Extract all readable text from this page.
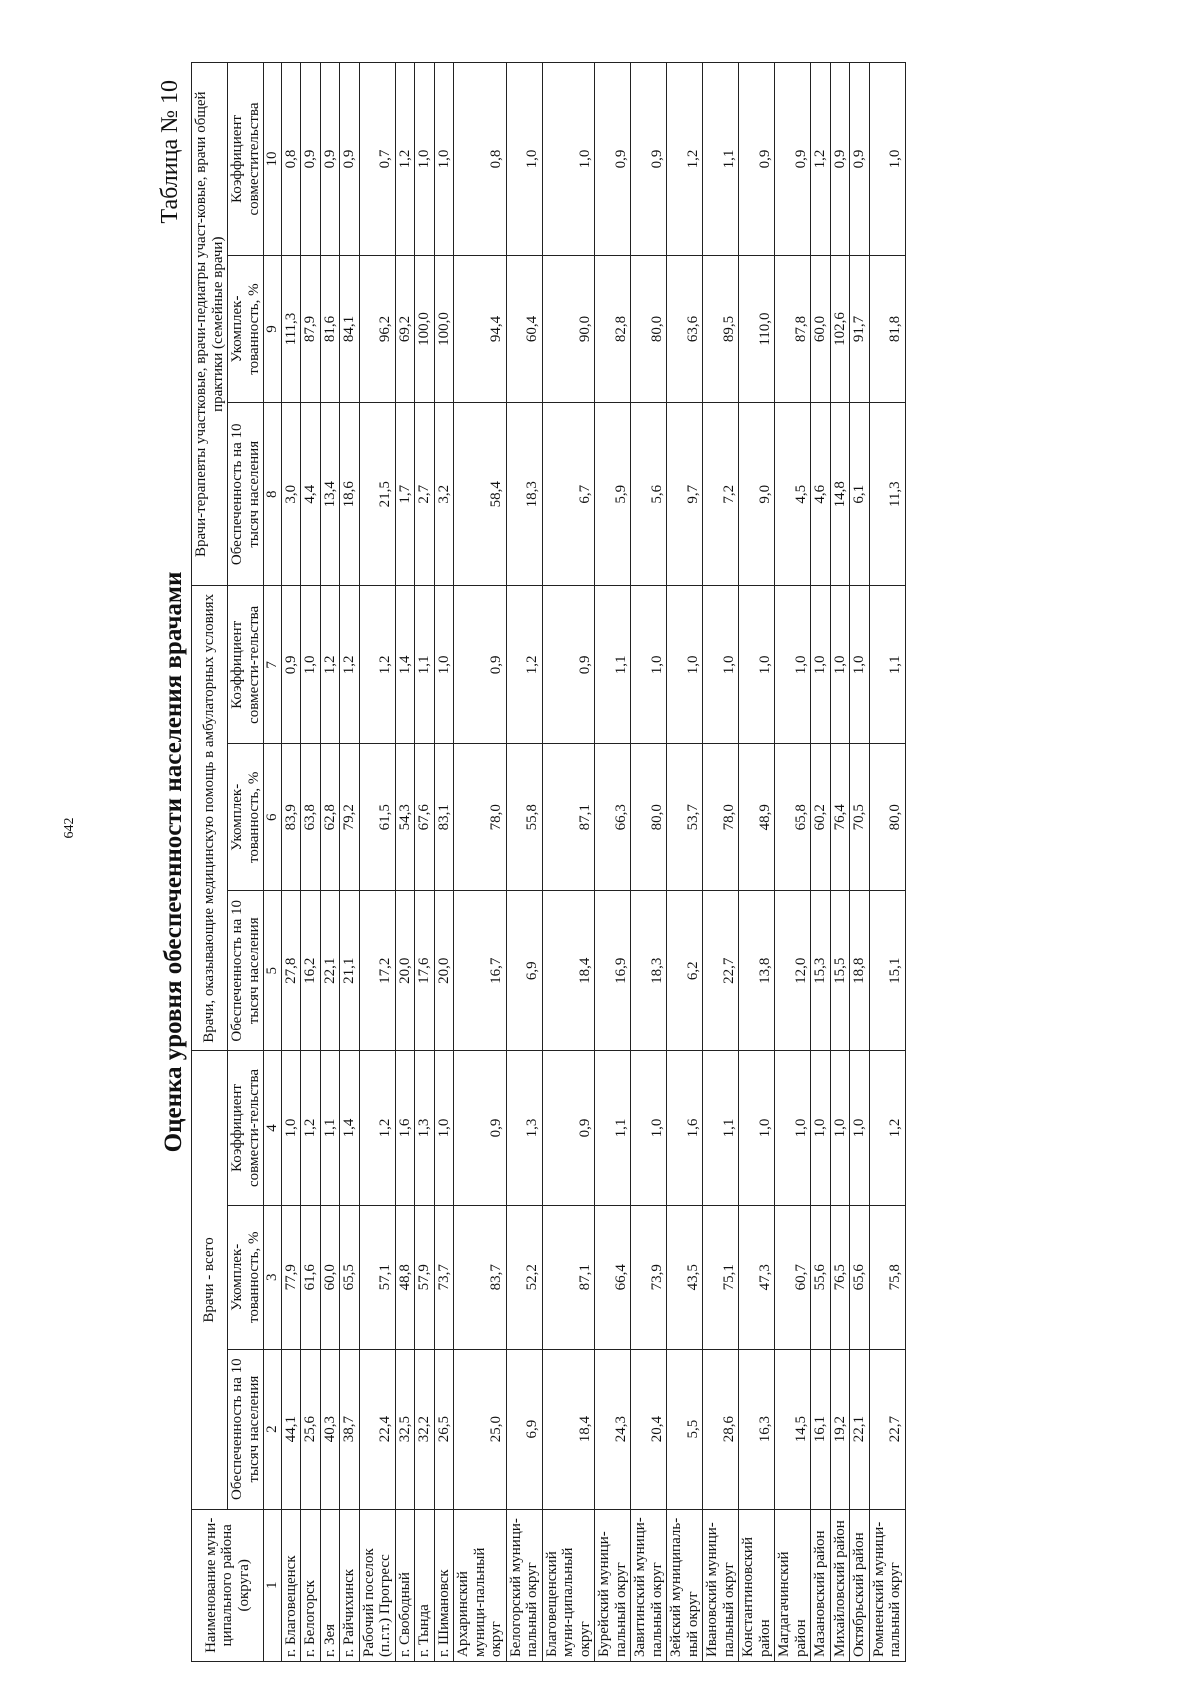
642
Таблица № 10
Оценка уровня обеспеченности населения врачами
Наименование муни-ципального района (округа)	Врачи - всего			Врачи, оказывающие медицинскую помощь в амбулаторных условиях			Врачи-терапевты участковые, врачи-педиатры участ-ковые, врачи общей практики (семейные врачи)		
	Обеспеченность на 10 тысяч населения	Укомплек-тованность, %	Коэффициент совмести-тельства	Обеспеченность на 10 тысяч населения	Укомплек-тованность, %	Коэффициент совмести-тельства	Обеспеченность на 10 тысяч населения	Укомплек-тованность, %	Коэффициент совместительства
1	2	3	4	5	6	7	8	9	10
г. Благовещенск	44,1	77,9	1,0	27,8	83,9	0,9	3,0	111,3	0,8
г. Белогорск	25,6	61,6	1,2	16,2	63,8	1,0	4,4	87,9	0,9
г. Зея	40,3	60,0	1,1	22,1	62,8	1,2	13,4	81,6	0,9
г. Райчихинск	38,7	65,5	1,4	21,1	79,2	1,2	18,6	84,1	0,9
Рабочий поселок (п.г.т.) Прогресс	22,4	57,1	1,2	17,2	61,5	1,2	21,5	96,2	0,7
г. Свободный	32,5	48,8	1,6	20,0	54,3	1,4	1,7	69,2	1,2
г. Тында	32,2	57,9	1,3	17,6	67,6	1,1	2,7	100,0	1,0
г. Шимановск	26,5	73,7	1,0	20,0	83,1	1,0	3,2	100,0	1,0
Архаринский муници-пальный округ	25,0	83,7	0,9	16,7	78,0	0,9	58,4	94,4	0,8
Белогорский муници-пальный округ	6,9	52,2	1,3	6,9	55,8	1,2	18,3	60,4	1,0
Благовещенский муни-ципальный округ	18,4	87,1	0,9	18,4	87,1	0,9	6,7	90,0	1,0
Бурейский муници-пальный округ	24,3	66,4	1,1	16,9	66,3	1,1	5,9	82,8	0,9
Завитинский муници-пальный округ	20,4	73,9	1,0	18,3	80,0	1,0	5,6	80,0	0,9
Зейский муниципаль-ный округ	5,5	43,5	1,6	6,2	53,7	1,0	9,7	63,6	1,2
Ивановский муници-пальный округ	28,6	75,1	1,1	22,7	78,0	1,0	7,2	89,5	1,1
Константиновский район	16,3	47,3	1,0	13,8	48,9	1,0	9,0	110,0	0,9
Магдагачинский район	14,5	60,7	1,0	12,0	65,8	1,0	4,5	87,8	0,9
Мазановский район	16,1	55,6	1,0	15,3	60,2	1,0	4,6	60,0	1,2
Михайловский район	19,2	76,5	1,0	15,5	76,4	1,0	14,8	102,6	0,9
Октябрьский район	22,1	65,6	1,0	18,8	70,5	1,0	6,1	91,7	0,9
Ромненский муници-пальный округ	22,7	75,8	1,2	15,1	80,0	1,1	11,3	81,8	1,0
